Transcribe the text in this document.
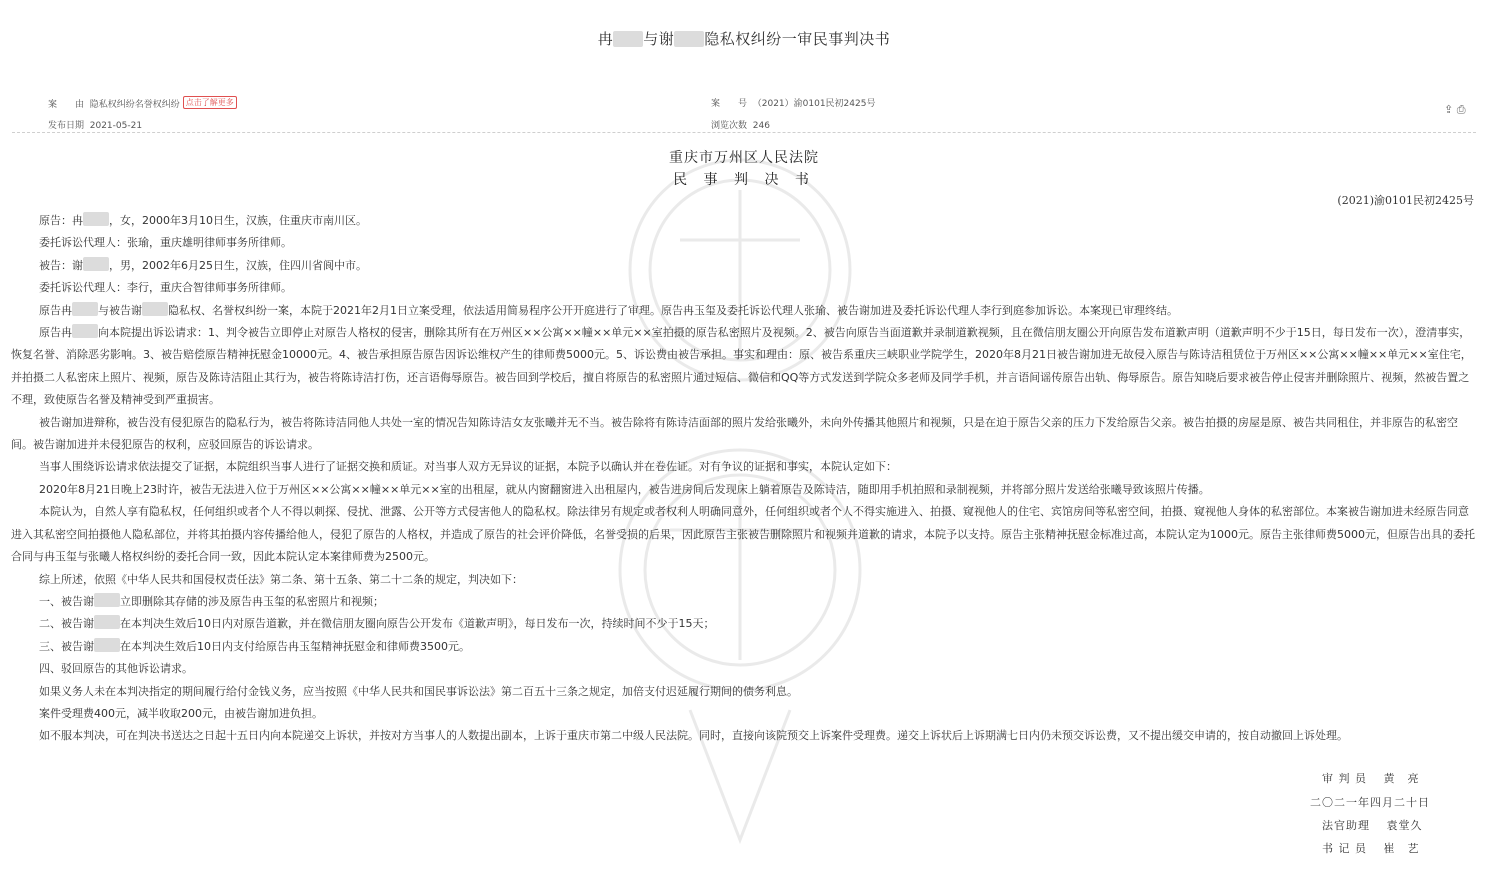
冉 与谢 隐私权纠纷一审民事判决书
案　　由 隐私权纠纷名誉权纠纷 点击了解更多
发布日期 2021-05-21
案　　号 （2021）渝0101民初2425号
浏览次数 246
⇪ ⎙
重庆市万州区人民法院
民 事 判 决 书
(2021)渝0101民初2425号

原告：冉 ，女，2000年3月10日生，汉族，住重庆市南川区。

委托诉讼代理人：张瑜，重庆雄明律师事务所律师。

被告：谢 ，男，2002年6月25日生，汉族，住四川省阆中市。

委托诉讼代理人：李行，重庆合智律师事务所律师。

原告冉 与被告谢 隐私权、名誉权纠纷一案，本院于2021年2月1日立案受理，依法适用简易程序公开开庭进行了审理。原告冉玉玺及委托诉讼代理人张瑜、被告谢加进及委托诉讼代理人李行到庭参加诉讼。本案现已审理终结。

原告冉 向本院提出诉讼请求：1、判令被告立即停止对原告人格权的侵害，删除其所有在万州区××公寓××幢××单元××室拍摄的原告私密照片及视频。2、被告向原告当面道歉并录制道歉视频，且在微信朋友圈公开向原告发布道歉声明（道歉声明不少于15日，每日发布一次），澄清事实，恢复名誉、消除恶劣影响。3、被告赔偿原告精神抚慰金10000元。4、被告承担原告原告因诉讼维权产生的律师费5000元。5、诉讼费由被告承担。事实和理由：原、被告系重庆三峡职业学院学生，2020年8月21日被告谢加进无故侵入原告与陈诗洁租赁位于万州区××公寓××幢××单元××室住宅，并拍摄二人私密床上照片、视频，原告及陈诗洁阻止其行为，被告将陈诗洁打伤，还言语侮辱原告。被告回到学校后，擅自将原告的私密照片通过短信、微信和QQ等方式发送到学院众多老师及同学手机，并言语间谣传原告出轨、侮辱原告。原告知晓后要求被告停止侵害并删除照片、视频，然被告置之不理，致使原告名誉及精神受到严重损害。

被告谢加进辩称，被告没有侵犯原告的隐私行为，被告将陈诗洁同他人共处一室的情况告知陈诗洁女友张曦并无不当。被告除将有陈诗洁面部的照片发给张曦外，未向外传播其他照片和视频，只是在迫于原告父亲的压力下发给原告父亲。被告拍摄的房屋是原、被告共同租住，并非原告的私密空间。被告谢加进并未侵犯原告的权利，应驳回原告的诉讼请求。

当事人围绕诉讼请求依法提交了证据，本院组织当事人进行了证据交换和质证。对当事人双方无异议的证据，本院予以确认并在卷佐证。对有争议的证据和事实，本院认定如下：

2020年8月21日晚上23时许，被告无法进入位于万州区××公寓××幢××单元××室的出租屋，就从内窗翻窗进入出租屋内，被告进房间后发现床上躺着原告及陈诗洁，随即用手机拍照和录制视频，并将部分照片发送给张曦导致该照片传播。

本院认为，自然人享有隐私权，任何组织或者个人不得以刺探、侵扰、泄露、公开等方式侵害他人的隐私权。除法律另有规定或者权利人明确同意外，任何组织或者个人不得实施进入、拍摄、窥视他人的住宅、宾馆房间等私密空间，拍摄、窥视他人身体的私密部位。本案被告谢加进未经原告同意进入其私密空间拍摄他人隐私部位，并将其拍摄内容传播给他人，侵犯了原告的人格权，并造成了原告的社会评价降低，名誉受损的后果，因此原告主张被告删除照片和视频并道歉的请求，本院予以支持。原告主张精神抚慰金标准过高，本院认定为1000元。原告主张律师费5000元，但原告出具的委托合同与冉玉玺与张曦人格权纠纷的委托合同一致，因此本院认定本案律师费为2500元。

综上所述，依照《中华人民共和国侵权责任法》第二条、第十五条、第二十二条的规定，判决如下：

一、被告谢 立即删除其存储的涉及原告冉玉玺的私密照片和视频；

二、被告谢 在本判决生效后10日内对原告道歉，并在微信朋友圈向原告公开发布《道歉声明》，每日发布一次，持续时间不少于15天；

三、被告谢 在本判决生效后10日内支付给原告冉玉玺精神抚慰金和律师费3500元。

四、驳回原告的其他诉讼请求。

如果义务人未在本判决指定的期间履行给付金钱义务，应当按照《中华人民共和国民事诉讼法》第二百五十三条之规定，加倍支付迟延履行期间的债务利息。

案件受理费400元，减半收取200元，由被告谢加进负担。

如不服本判决，可在判决书送达之日起十五日内向本院递交上诉状，并按对方当事人的人数提出副本，上诉于重庆市第二中级人民法院。同时，直接向该院预交上诉案件受理费。递交上诉状后上诉期满七日内仍未预交诉讼费，又不提出缓交申请的，按自动撤回上诉处理。

审 判 员　 黄　亮
二〇二一年四月二十日
法官助理　 袁堂久
书 记 员　 崔　艺
